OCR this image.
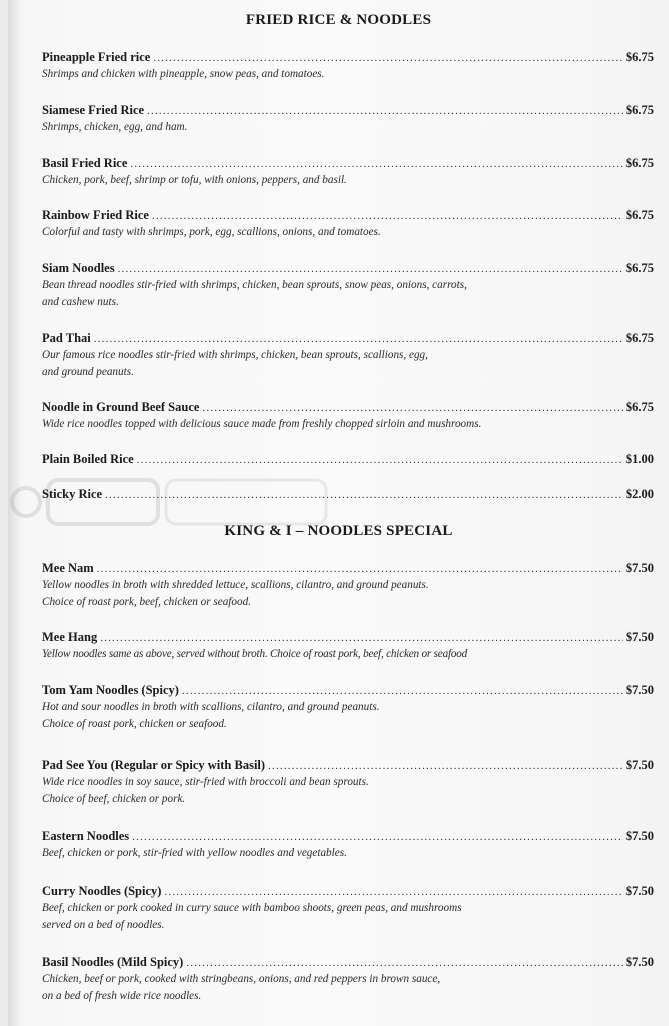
FRIED RICE & NOODLES
Pineapple Fried rice .....	$6.75
Shrimps and chicken with pineapple, snow peas, and tomatoes.
Siamese Fried Rice .....	$6.75
Shrimps, chicken, egg, and ham.
Basil Fried Rice .....	$6.75
Chicken, pork, beef, shrimp or tofu, with onions, peppers, and basil.
Rainbow Fried Rice .....	$6.75
Colorful and tasty with shrimps, pork, egg, scallions, onions, and tomatoes.
Siam Noodles .....	$6.75
Bean thread noodles stir-fried with shrimps, chicken, bean sprouts, snow peas, onions, carrots,
and cashew nuts.
Pad Thai .....	$6.75
Our famous rice noodles stir-fried with shrimps, chicken, bean sprouts, scallions, egg,
and ground peanuts.
Noodle in Ground Beef Sauce .....	$6.75
Wide rice noodles topped with delicious sauce made from freshly chopped sirloin and mushrooms.
Plain Boiled Rice .....	$1.00
Sticky Rice .....	$2.00
KING & I – NOODLES SPECIAL
Mee Nam .....	$7.50
Yellow noodles in broth with shredded lettuce, scallions, cilantro, and ground peanuts.
Choice of roast pork, beef, chicken or seafood.
Mee Hang .....	$7.50
Yellow noodles same as above, served without broth. Choice of roast pork, beef, chicken or seafood
Tom Yam Noodles (Spicy) .....	$7.50
Hot and sour noodles in broth with scallions, cilantro, and ground peanuts.
Choice of roast pork, chicken or seafood.
Pad See You (Regular or Spicy with Basil) .....	$7.50
Wide rice noodles in soy sauce, stir-fried with broccoli and bean sprouts.
Choice of beef, chicken or pork.
Eastern Noodles .....	$7.50
Beef, chicken or pork, stir-fried with yellow noodles and vegetables.
Curry Noodles (Spicy) .....	$7.50
Beef, chicken or pork cooked in curry sauce with bamboo shoots, green peas, and mushrooms
served on a bed of noodles.
Basil Noodles (Mild Spicy) .....	$7.50
Chicken, beef or pork, cooked with stringbeans, onions, and red peppers in brown sauce,
on a bed of fresh wide rice noodles.
